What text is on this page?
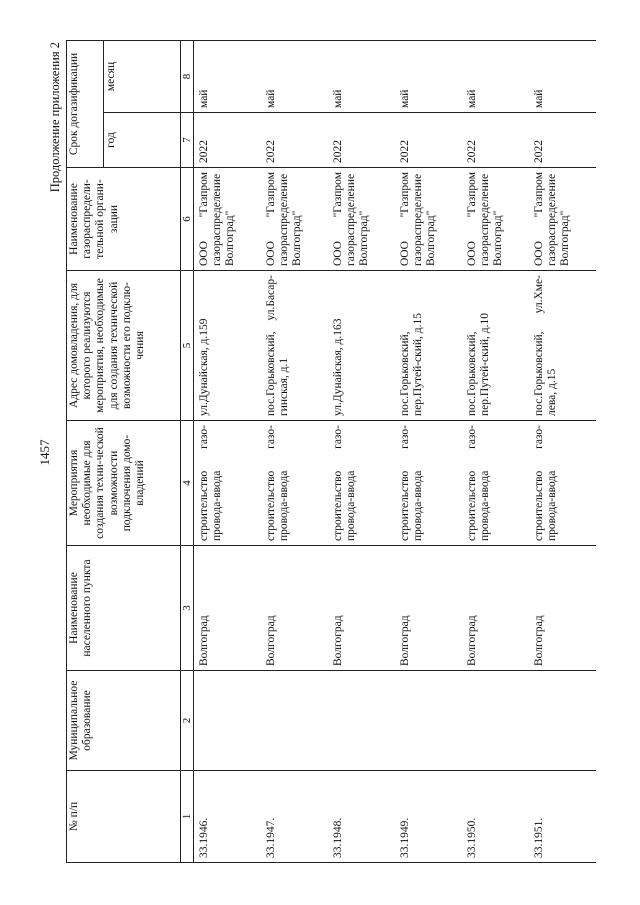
1457
Продолжение приложения 2
№ п/п	Муниципальное образование	Наименование населенного пункта	Мероприятия необходимые для создания техни-ческой возможности подключения домо-владений	Адрес домовладения, для которого реализуются мероприятия, необходимые для создания технической возможности его подклю-чения	Наименование газораспредели-тельной органи-зации	Срок догазификации	
						год	месяц
1	2	3	4	5	6	7	8
33.1946.		Волгоград	строительство газо-провода-ввода	ул.Дунайская, д.159	ООО "Газпром газораспределение Волгоград"	2022	май
33.1947.		Волгоград	строительство газо-провода-ввода	пос.Горьковский, ул.Басар-гинская, д.1	ООО "Газпром газораспределение Волгоград"	2022	май
33.1948.		Волгоград	строительство газо-провода-ввода	ул.Дунайская, д.163	ООО "Газпром газораспределение Волгоград"	2022	май
33.1949.		Волгоград	строительство газо-провода-ввода	пос.Горьковский, пер.Путей-ский, д.15	ООО "Газпром газораспределение Волгоград"	2022	май
33.1950.		Волгоград	строительство газо-провода-ввода	пос.Горьковский, пер.Путей-ский, д.10	ООО "Газпром газораспределение Волгоград"	2022	май
33.1951.		Волгоград	строительство газо-провода-ввода	пос.Горьковский, ул.Хме-лева, д.15	ООО "Газпром газораспределение Волгоград"	2022	май
